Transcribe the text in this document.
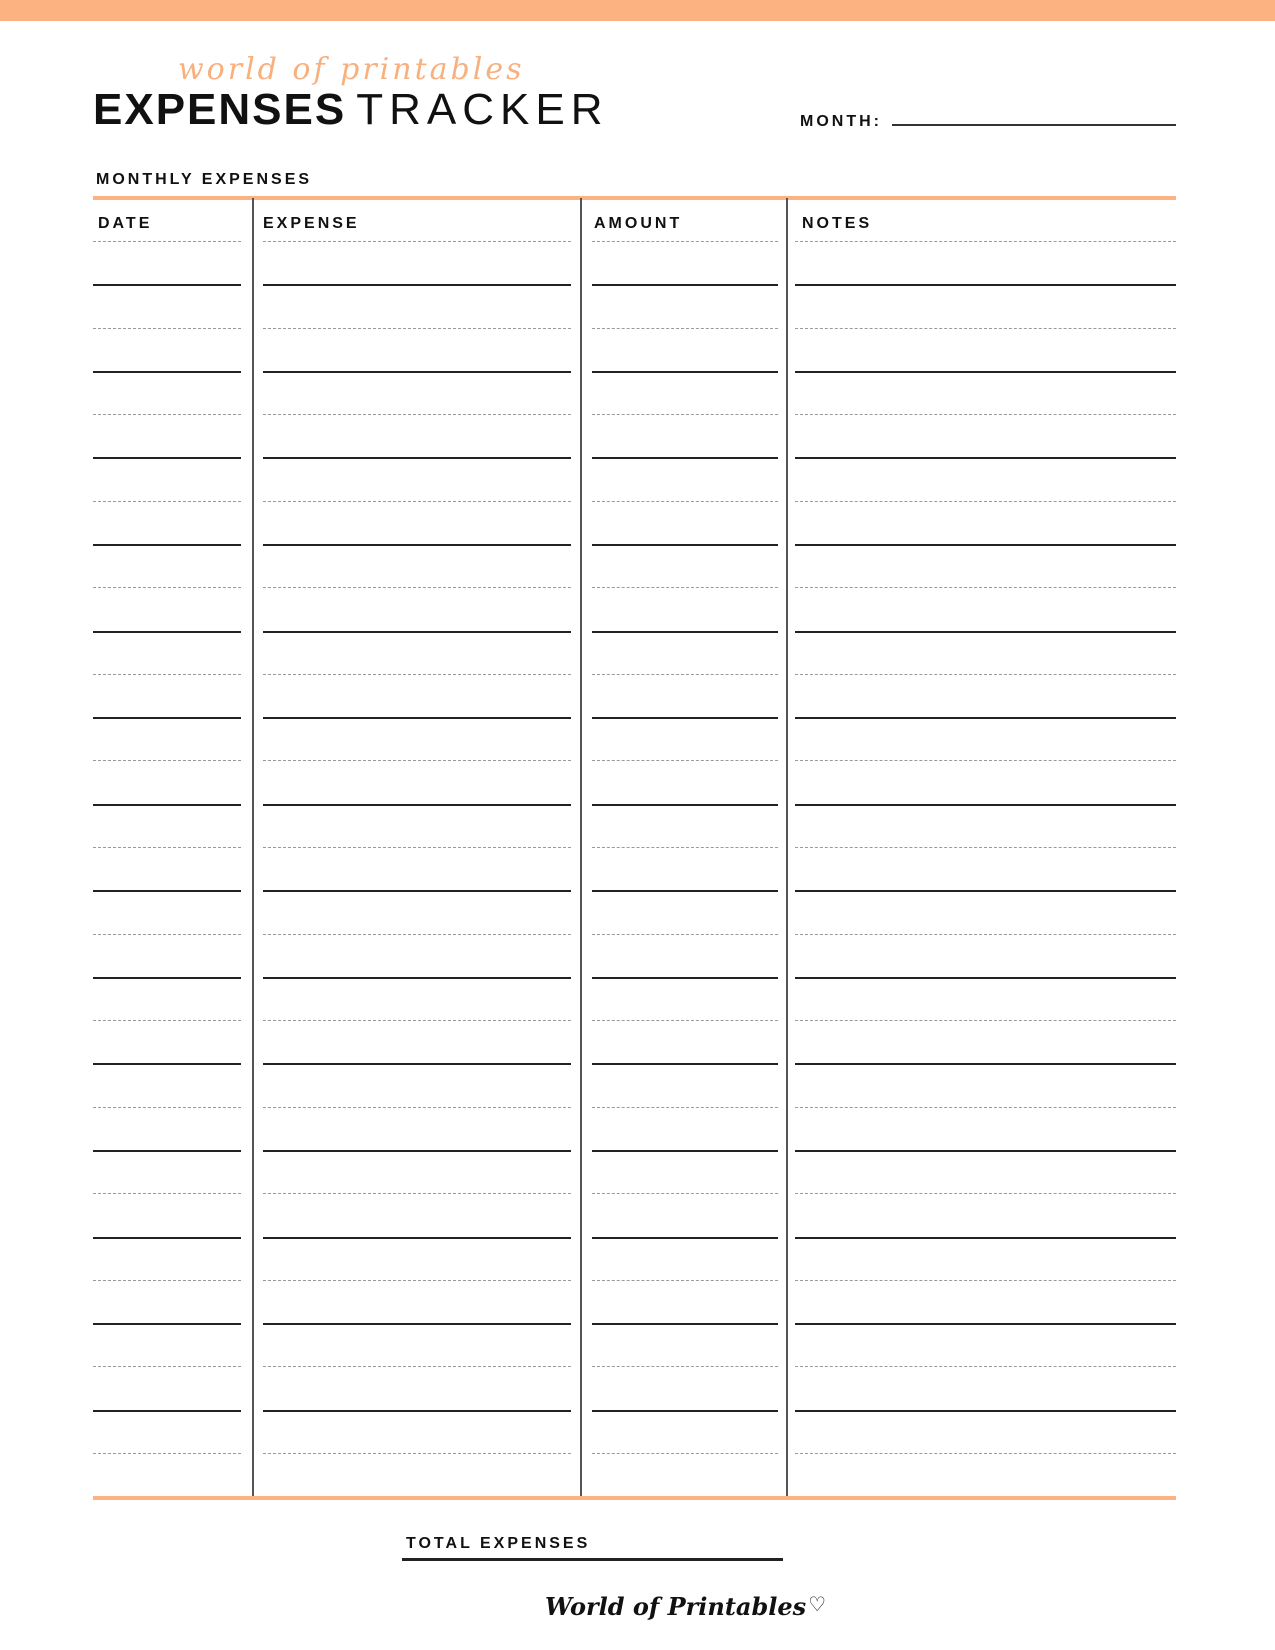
world of printables
EXPENSES TRACKER	MONTH:
MONTHLY EXPENSES
DATE	EXPENSE	AMOUNT	NOTES
TOTAL EXPENSES
World of Printables ♡
